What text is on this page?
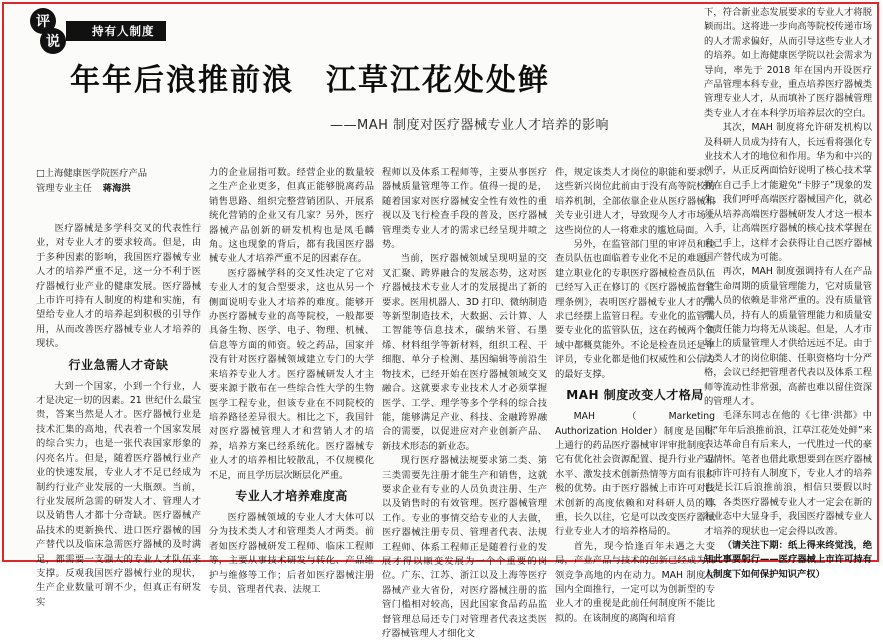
评
说
持有人制度
年年后浪推前浪　江草江花处处鲜
——MAH 制度对医疗器械专业人才培养的影响
□上海健康医学院医疗产品
管理专业主任 蒋海洪

医疗器械是多学科交叉的代表性行业，对专业人才的要求较高。但是，由于多种因素的影响，我国医疗器械专业人才的培养严重不足，这一分不利于医疗器械行业产业的健康发展。医疗器械上市许可持有人制度的构建和实施，有望给专业人才的培养起到积极的引导作用，从而改善医疗器械专业人才培养的现状。

行业急需人才奇缺

大到一个国家，小到一个行业，人才是决定一切的因素。21 世纪什么最宝贵，答案当然是人才。医疗器械行业是技术汇集的高地，代表着一个国家发展的综合实力，也是一张代表国家形象的闪亮名片。但是，随着医疗器械行业产业的快速发展，专业人才不足已经成为制约行业产业发展的一大瓶颈。当前，行业发展所急需的研发人才、管理人才以及销售人才都十分奇缺。医疗器械产品技术的更新换代、进口医疗器械的国产替代以及临床急需医疗器械的及时满足，都需要一支强大的专业人才队伍来支撑。反观我国医疗器械行业的现状，生产企业数量可谓不少，但真正有研发实

力的企业屈指可数。经营企业的数量较之生产企业更多，但真正能够脱离药品销售思路、组织完整营销团队、开展系统化营销的企业又有几家？另外，医疗器械产品创新的研发机构也是凤毛麟角。这也现象的背后，都有我国医疗器械专业人才培养严重不足的因素存在。

医疗器械学科的交叉性决定了它对专业人才的复合型要求，这也从另一个侧面说明专业人才培养的难度。能够开办医疗器械专业的高等院校，一般都要具备生物、医学、电子、物理、机械、信息等方面的师资。较之药品，国家并没有针对医疗器械领域建立专门的大学来培养专业人才。医疗器械研发人才主要来源于散布在一些综合性大学的生物医学工程专业，但该专业在不同院校的培养路径差异很大。相比之下，我国针对医疗器械管理人才和营销人才的培养，培养方案已经系统化。医疗器械专业人才的培养相比较散乱，不仅规模化不足，而且学历层次断层化严重。

专业人才培养难度高

医疗器械领域的专业人才大体可以分为技术类人才和管理类人才两类。前者如医疗器械研发工程师、临床工程师等，主要从事技术研发与转化、产品维护与维修等工作；后者如医疗器械注册专员、管理者代表、法规工

程师以及体系工程师等，主要从事医疗器械质量管理等工作。值得一提的是，随着国家对医疗器械安全性有效性的重视以及飞行检查手段的普及，医疗器械管理类专业人才的需求已经呈现井喷之势。

当前，医疗器械领域呈现明显的交叉汇聚、跨界融合的发展态势，这对医疗器械技术专业人才的发展提出了新的要求。医用机器人、3D 打印、微纳制造等新型制造技术，大数据、云计算、人工智能等信息技术，碳纳米管、石墨烯、材料组学等新材料，组织工程、干细胞、单分子检测、基因编辑等前沿生物技术，已经开始在医疗器械领域交叉融合。这就要求专业技术人才必须掌握医学、工学、理学等多个学科的综合技能，能够满足产业、科技、金融跨界融合的需要，以促进应对产业创新产品、新技术形态的新业态。

现行医疗器械法规要求第二类、第三类需要先注册才能生产和销售，这就要求企业有专业的人员负责注册、生产以及销售时的有效管理。医疗器械管理工作。专业的事情交给专业的人去做，医疗器械注册专员、管理者代表、法规工程师、体系工程师正是随着行业的发展才得以顺变发展为一个个重要的岗位。广东、江苏、浙江以及上海等医疗器械产业大省份，对医疗器械注册的监管门槛相对较高，因此国家食品药品监督管理总局还专门对管理者代表这类医疗器械管理人才细化文

件，规定该类人才岗位的职能和要求。这些新兴岗位此前由于没有高等院校的培养机制，全部依靠企业从医疗器械相关专业引进人才，导致现今人才市场上这些岗位的人一将难求的尴尬局面。

另外，在监管部门里的审评员和检查员队伍也面临着专业化不足的难题。建立职业化的专职医疗器械检查员队伍已经写入正在修订的《医疗器械监督管理条例》，表明医疗器械专业人才的需求已经摆上监管日程。专业化的监管需要专业化的监管队伍，这在药械两个领域中都概莫能外。不论是检查员还是审评员，专业化都是他们权威性和公信力的最好支撑。

MAH 制度改变人才格局

MAH（Marketing Authorization Holder）制度是国际上通行的药品医疗器械审评审批制度，它有优化社会资源配置、提升行业产品水平、激发技术创新热情等方面有很积极的优势。由于医疗器械上市许可对技术创新的高度依赖和对科研人员的尊重，长久以往，它是可以改变医疗器械行业专业人才的培养格局的。

首先，现今恰逢百年未遇之大变局，产业产品与技术的创新已经成为占领竞争高地的内在动力。MAH 制度在国内全面推行，一定可以为创新型的专业人才的重视是此前任何制度所不能比拟的。在该制度的离陶和培育

下，符合新业态发展要求的专业人才将脱颖而出。这将进一步向高等院校传递市场的人才需求偏好，从而引导这些专业人才的培养。如上海健康医学院以社会需求为导向，率先于 2018 年在国内开设医疗产品管理本科专业，重点培养医疗器械类管理专业人才，从而填补了医疗器械管理类专业人才在本科学历培养层次的空白。

其次，MAH 制度将允许研发机构以及科研人员成为持有人，长远看将强化专业技术人才的地位和作用。华为和中兴的例子，从正反两面恰好说明了核心技术掌握在自己手上才能避免“卡脖子”现象的发生，我们呼呼高端医疗器械国产化，就必须从培养高端医疗器械研发人才这一根本入手，让高端医疗器械的核心技术掌握在自己手上，这样才会获得让自己医疗器械国产替代成为可能。

再次，MAH 制度强调持有人在产品全生命周期的质量管理能力，它对质量管理人员的依赖是非常严重的。没有质量管理人员，持有人的质量管理能力和质量安全责任能力均将无从谈起。但是，人才市场上的质量管理人才供给远远不足。由于这类人才的岗位职能、任职资格均十分严格，会议已经把管理者代表以及体系工程师等流动性非常强，高薪也难以留住资深的管理人才。

毛泽东同志在他的《七律·洪都》中用“年年后浪推前浪，江草江花处处鲜”来表达革命自有后来人，一代胜过一代的豪迈情怀。笔者也借此歌想要到在医疗器械上市许可持有人制度下，专业人才的培养也是长江后浪推前浪，相信只要假以时日，各类医疗器械专业人才一定会在新的行业态中大显身手，我国医疗器械专业人才培养的现状也一定会得以改善。

（请关注下期：纸上得来终觉浅，绝知此事要躬行——医疗器械上市许可持有人制度下如何保护知识产权）
